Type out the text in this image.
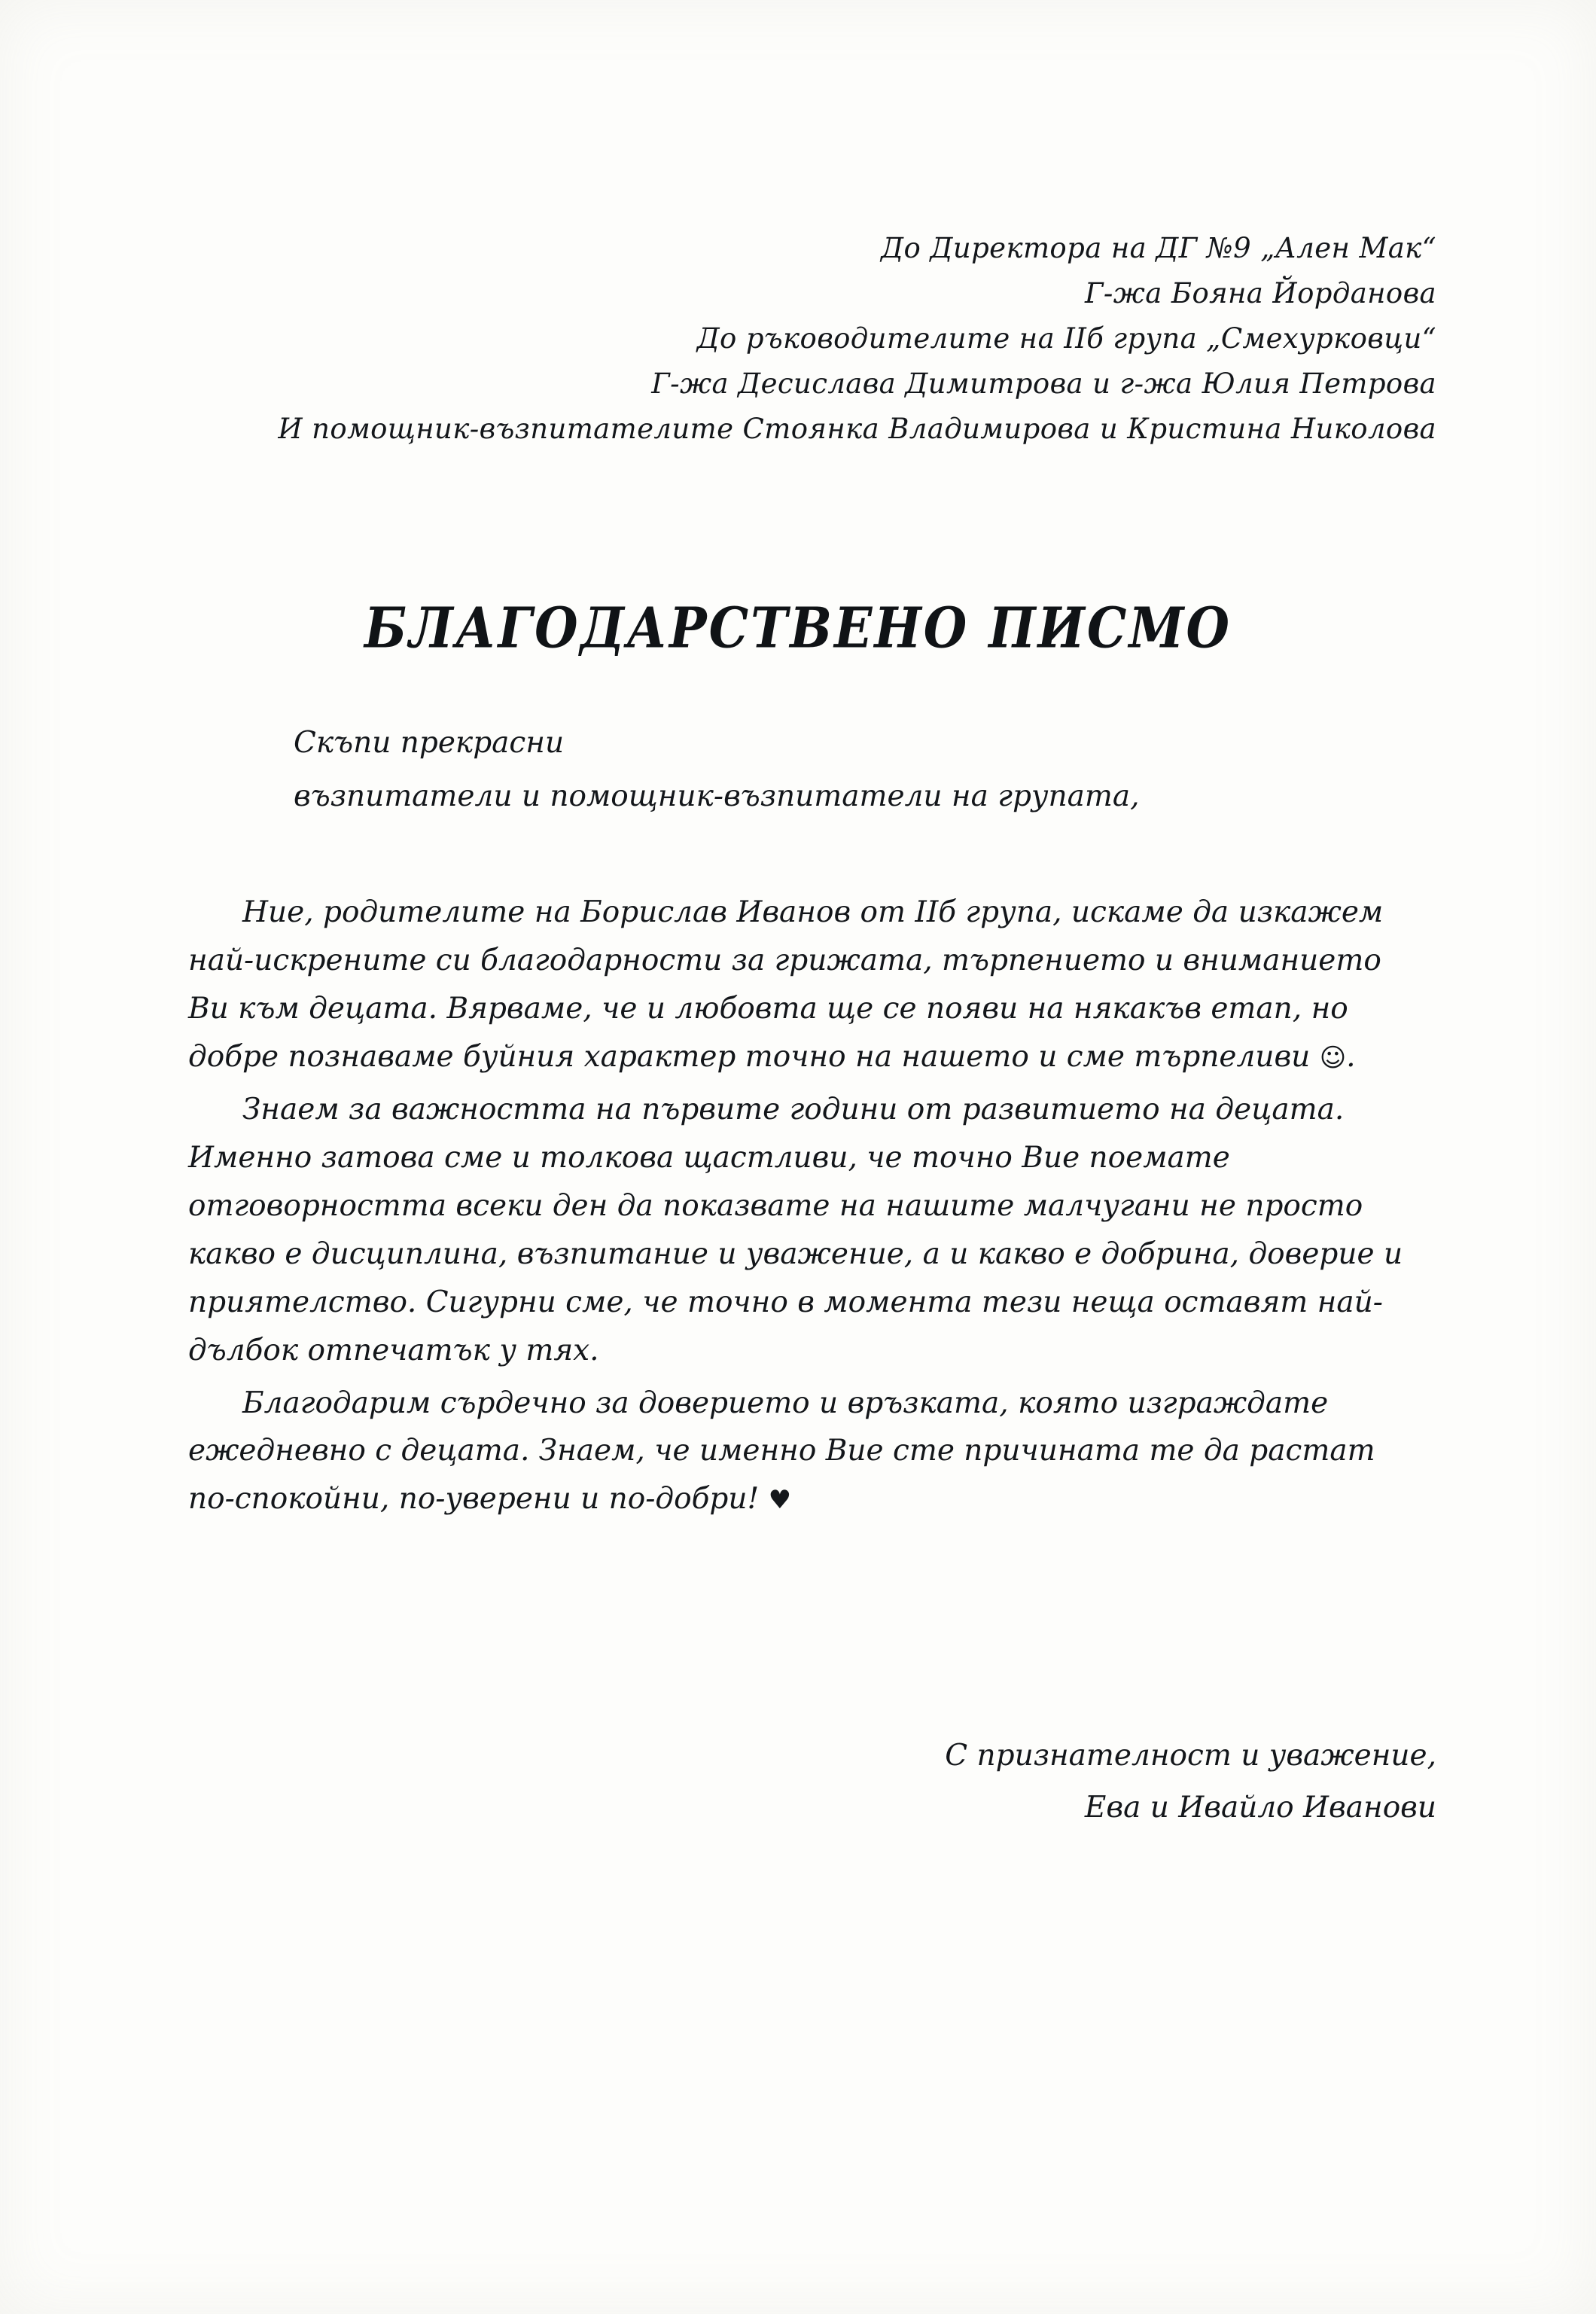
До Директора на ДГ №9 „Ален Мак“
Г-жа Бояна Йорданова
До ръководителите на IIб група „Смехурковци“
Г-жа Десислава Димитрова и г-жа Юлия Петрова
И помощник-възпитателите Стоянка Владимирова и Кристина Николова
БЛАГОДАРСТВЕНО ПИСМО
Скъпи прекрасни
възпитатели и помощник-възпитатели на групата,

Ние, родителите на Борислав Иванов от IIб група, искаме да изкажем най-искрените си благодарности за грижата, търпението и вниманието Ви към децата. Вярваме, че и любовта ще се появи на някакъв етап, но добре познаваме буйния характер точно на нашето и сме търпеливи ☺.

Знаем за важността на първите години от развитието на децата. Именно затова сме и толкова щастливи, че точно Вие поемате отговорността всеки ден да показвате на нашите малчугани не просто какво е дисциплина, възпитание и уважение, а и какво е добрина, доверие и приятелство. Сигурни сме, че точно в момента тези неща оставят най-дълбок отпечатък у тях.

Благодарим сърдечно за доверието и връзката, която изграждате ежедневно с децата. Знаем, че именно Вие сте причината те да растат по-спокойни, по-уверени и по-добри! ♥

С признателност и уважение,
Ева и Ивайло Иванови
